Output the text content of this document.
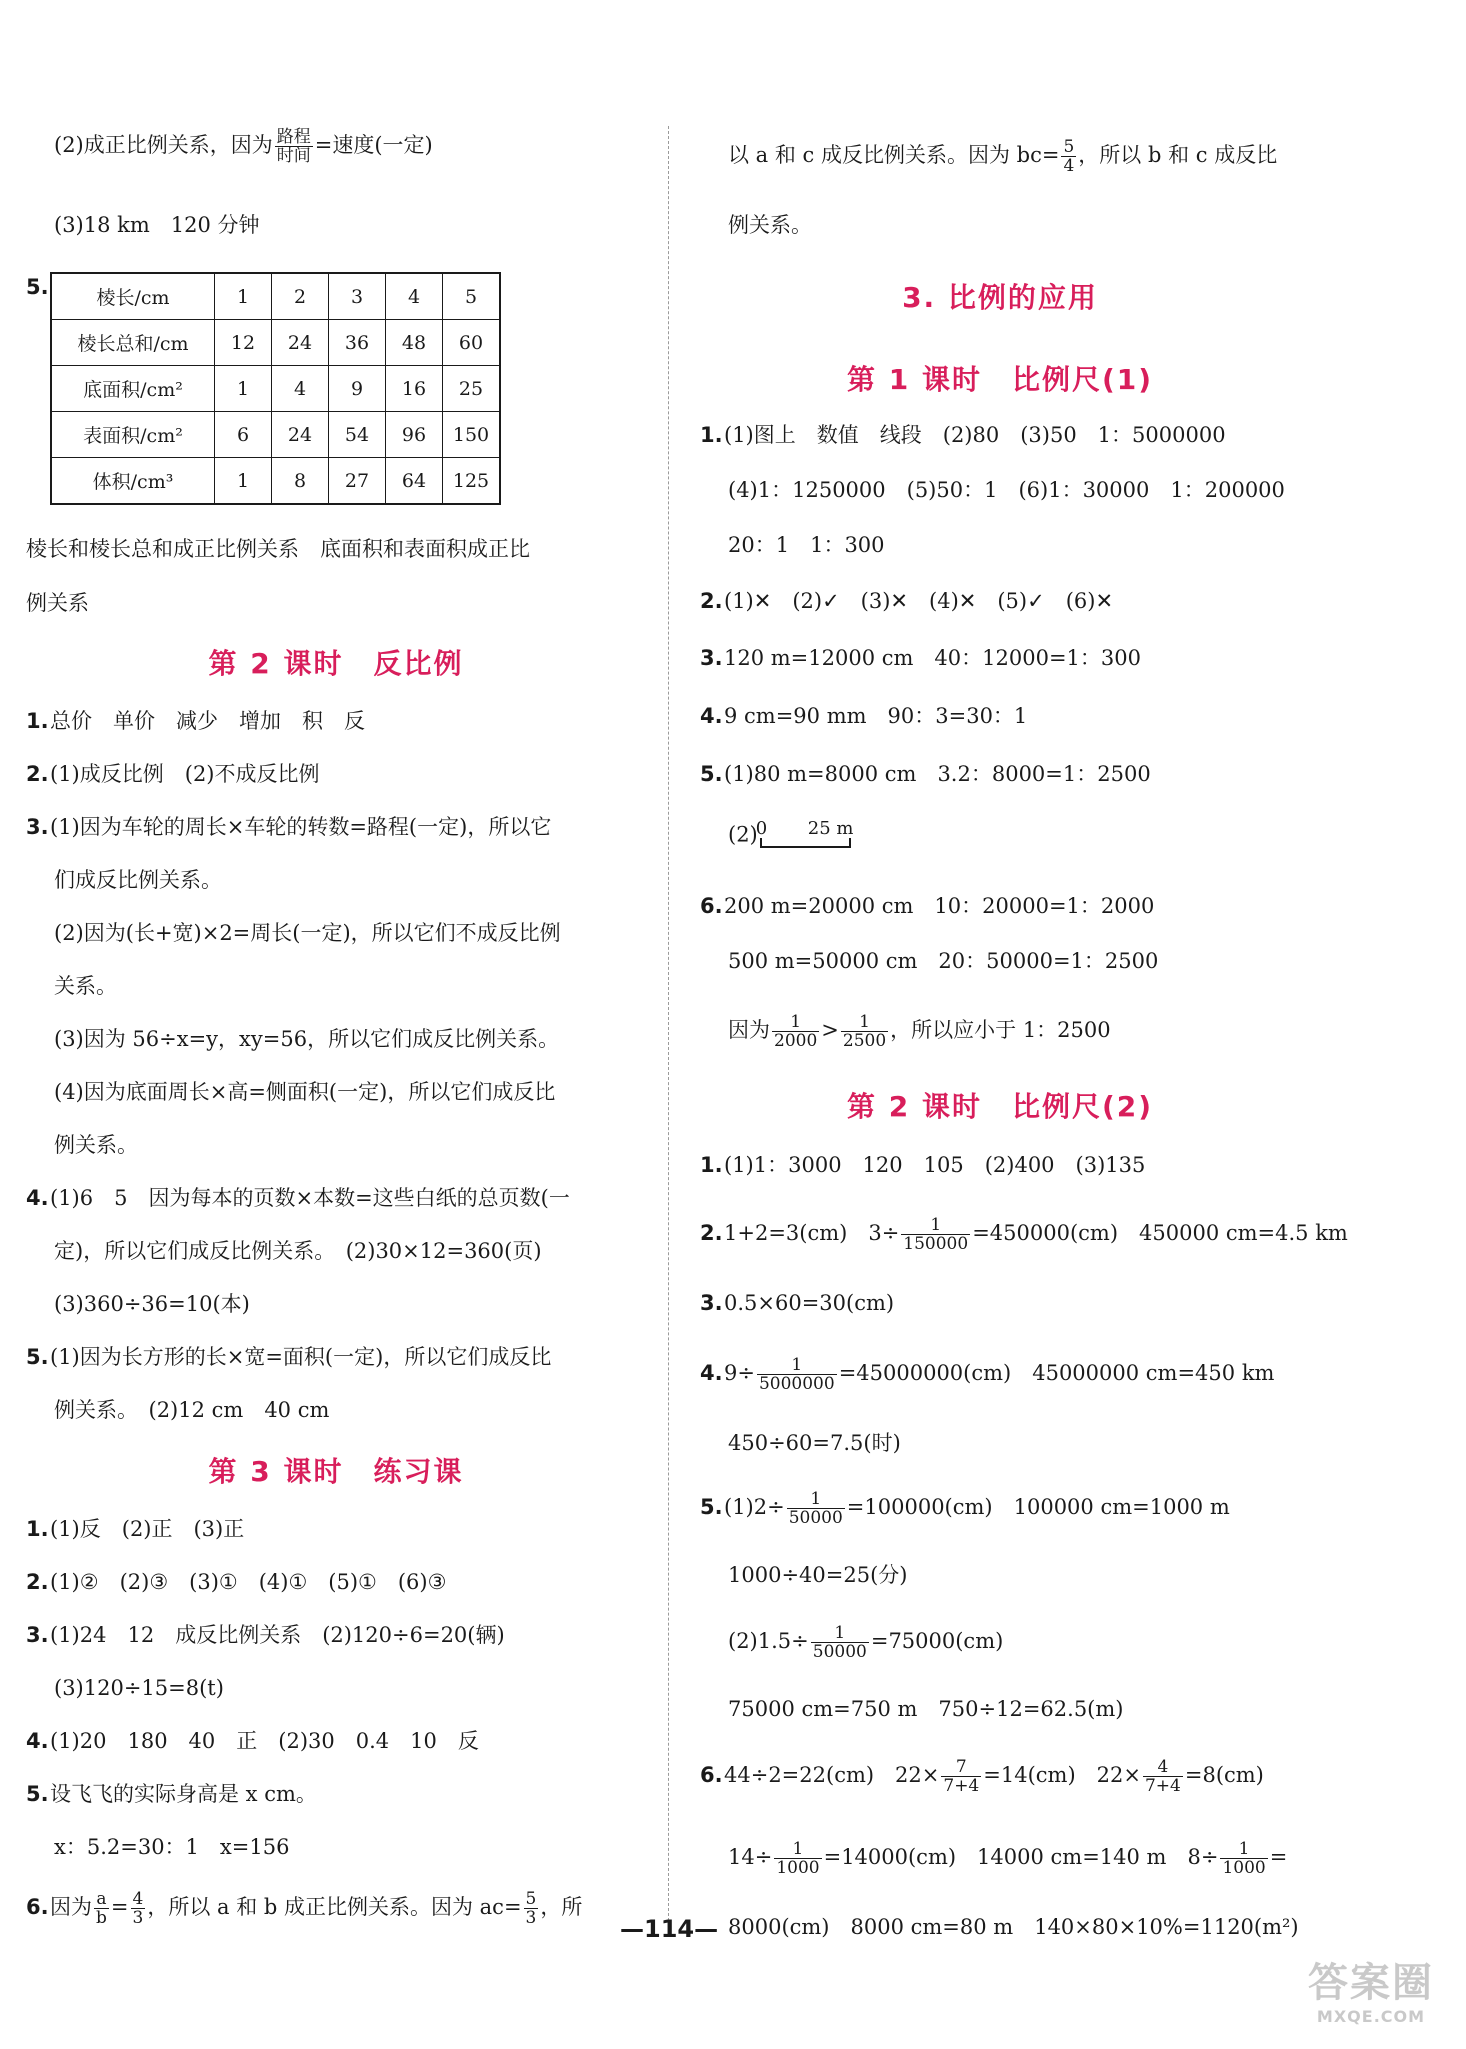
(2)成正比例关系，因为 $\frac{\text{路程}}{\text{时间}}$ =速度(一定)
(3)18 km　120 分钟
5.	棱长/cm	1	2	3	4	5
棱长总和/cm	12	24	36	48	60
底面积/cm²	1	4	9	16	25
表面积/cm²	6	24	54	96	150
体积/cm³	1	8	27	64	125
棱长和棱长总和成正比例关系　底面积和表面积成正比
例关系
第 2 课时　反比例
1.总价　单价　减少　增加　积　反
2.(1)成反比例　(2)不成反比例
3.(1)因为车轮的周长×车轮的转数=路程(一定)，所以它
们成反比例关系。
(2)因为(长+宽)×2=周长(一定)，所以它们不成反比例
关系。
(3)因为 56÷x=y，xy=56，所以它们成反比例关系。
(4)因为底面周长×高=侧面积(一定)，所以它们成反比
例关系。
4.(1)6　5　因为每本的页数×本数=这些白纸的总页数(一
定)，所以它们成反比例关系。　(2)30×12=360(页)
(3)360÷36=10(本)
5.(1)因为长方形的长×宽=面积(一定)，所以它们成反比
例关系。　(2)12 cm　40 cm
第 3 课时　练习课
1.(1)反　(2)正　(3)正
2.(1)②　(2)③　(3)①　(4)①　(5)①　(6)③
3.(1)24　12　成反比例关系　(2)120÷6=20(辆)
(3)120÷15=8(t)
4.(1)20　180　40　正　(2)30　0.4　10　反
5.设飞飞的实际身高是 x cm。
x：5.2=30：1　x=156
6.因为 $\frac{a}{b} = \frac{4}{3}$ ，所以 a 和 b 成正比例关系。因为 $ac= \frac{5}{3}$ ，所
以 a 和 c 成反比例关系。因为 $bc= \frac{5}{4}$ ，所以 b 和 c 成反比
例关系。
3. 比例的应用
第 1 课时　比例尺(1)
1.(1)图上　数值　线段　(2)80　(3)50　1：5000000
(4)1：1250000　(5)50：1　(6)1：30000　1：200000
20：1　1：300
2.(1)✕　(2)✓　(3)✕　(4)✕　(5)✓　(6)✕
3.120 m=12000 cm　40：12000=1：300
4.9 cm=90 mm　90：3=30：1
5.(1)80 m=8000 cm　3.2：8000=1：2500
(2)
0 25 m
6.200 m=20000 cm　10：20000=1：2000
500 m=50000 cm　20：50000=1：2500
因为 $\frac{1}{2000} > \frac{1}{2500}$ ，所以应小于 1：2500
第 2 课时　比例尺(2)
1.(1)1：3000　120　105　(2)400　(3)135
2.1+2=3(cm)　$3\div \frac{1}{150000} =450000(cm)$　450000 cm=4.5 km
3.0.5×60=30(cm)
$4.9\div \frac{1}{5000000} =45000000(cm)$　45000000 cm=450 km
450÷60=7.5(时)
$5.(1)2\div \frac{1}{50000} =100000(cm)$　100000 cm=1000 m
1000÷40=25(分)
$(2)1.5\div \frac{1}{50000} =75000(cm)$
75000 cm=750 m　750÷12=62.5(m)
6.44÷2=22(cm)　$22\times \frac{7}{7+4} =14(cm)$　$22\times \frac{4}{7+4} =8(cm)$
$14\div \frac{1}{1000} =14000(cm)$　14000 cm=140 m　$8\div \frac{1}{1000}$ =
8000(cm)　8000 cm=80 m　140×80×10%=1120(m²)
—114—
答案圈
MXQE.COM
